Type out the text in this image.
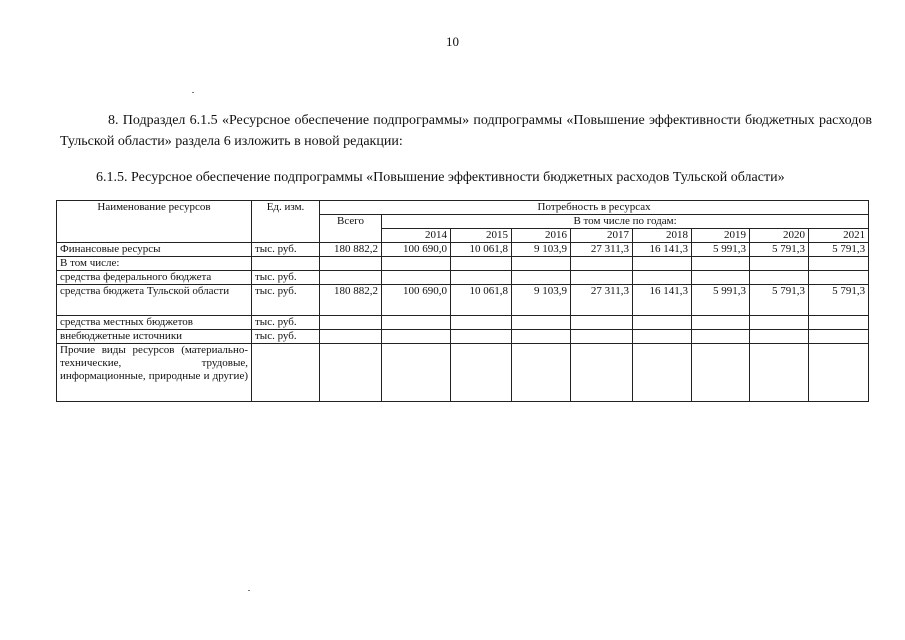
10
8. Подраздел 6.1.5 «Ресурсное обеспечение подпрограммы» подпрограммы «Повышение эффективности бюджетных расходов Тульской области» раздела 6 изложить в новой редакции:
6.1.5. Ресурсное обеспечение подпрограммы «Повышение эффективности бюджетных расходов Тульской области»
Наименование ресурсов	Ед. изм.	Потребность в ресурсах								
		Всего	В том числе по годам:							
			2014	2015	2016	2017	2018	2019	2020	2021
Финансовые ресурсы	тыс. руб.	180 882,2	100 690,0	10 061,8	9 103,9	27 311,3	16 141,3	5 991,3	5 791,3	5 791,3
В том числе:										
средства федерального бюджета	тыс. руб.									
средства бюджета Тульской области	тыс. руб.	180 882,2	100 690,0	10 061,8	9 103,9	27 311,3	16 141,3	5 991,3	5 791,3	5 791,3
средства местных бюджетов	тыс. руб.									
внебюджетные источники	тыс. руб.									
Прочие виды ресурсов (материально-технические, трудовые, информационные, природные и другие)										
